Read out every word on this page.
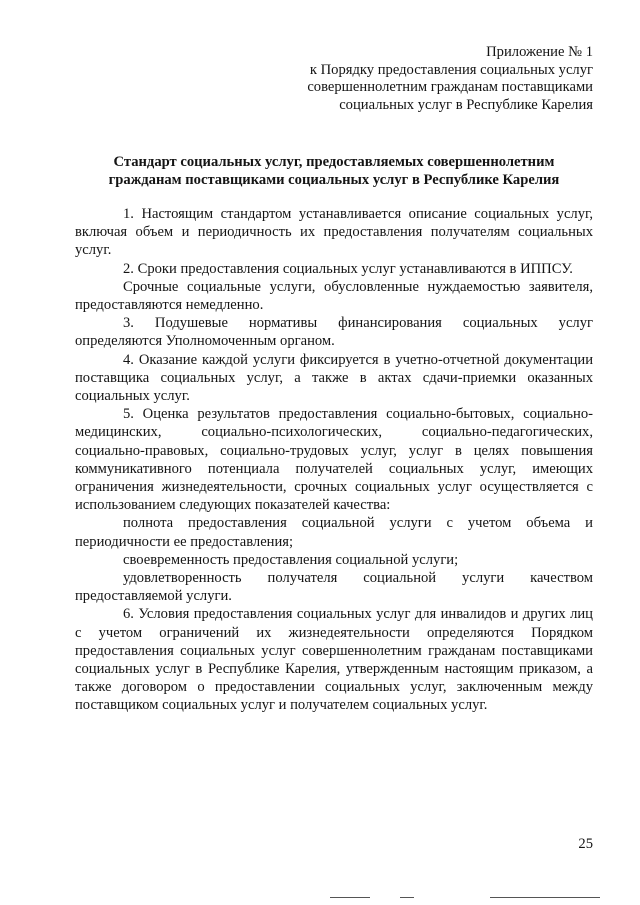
Приложение № 1
к Порядку предоставления социальных услуг
совершеннолетним гражданам поставщиками
социальных услуг в Республике Карелия
Стандарт социальных услуг, предоставляемых совершеннолетним
гражданам поставщиками социальных услуг в Республике Карелия

1. Настоящим стандартом устанавливается описание социальных услуг, включая объем и периодичность их предоставления получателям социальных услуг.

2. Сроки предоставления социальных услуг устанавливаются в ИППСУ.

Срочные социальные услуги, обусловленные нуждаемостью заявителя, предоставляются немедленно.

3. Подушевые нормативы финансирования социальных услуг определяются Уполномоченным органом.

4. Оказание каждой услуги фиксируется в учетно-отчетной документации поставщика социальных услуг, а также в актах сдачи-приемки оказанных социальных услуг.

5. Оценка результатов предоставления социально-бытовых, социально-медицинских, социально-психологических, социально-педагогических, социально-правовых, социально-трудовых услуг, услуг в целях повышения коммуникативного потенциала получателей социальных услуг, имеющих ограничения жизнедеятельности, срочных социальных услуг осуществляется с использованием следующих показателей качества:

полнота предоставления социальной услуги с учетом объема и периодичности ее предоставления;

своевременность предоставления социальной услуги;

удовлетворенность получателя социальной услуги качеством предоставляемой услуги.

6. Условия предоставления социальных услуг для инвалидов и других лиц с учетом ограничений их жизнедеятельности определяются Порядком предоставления социальных услуг совершеннолетним гражданам поставщиками социальных услуг в Республике Карелия, утвержденным настоящим приказом, а также договором о предоставлении социальных услуг, заключенным между поставщиком социальных услуг и получателем социальных услуг.

25
